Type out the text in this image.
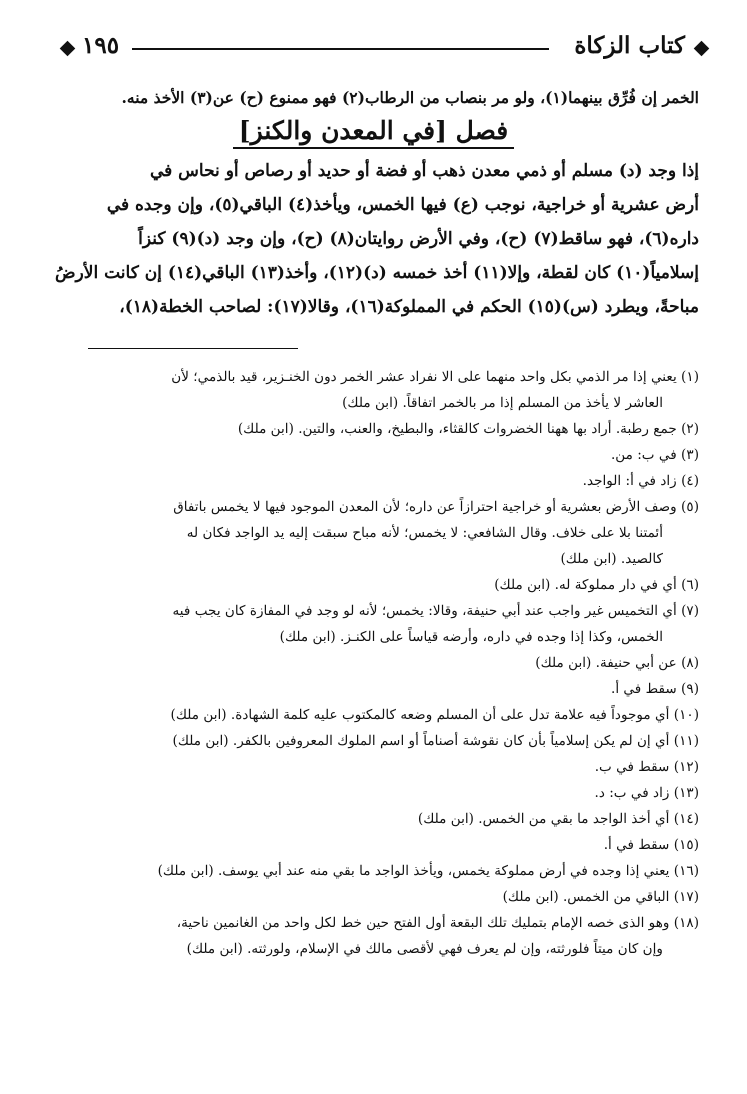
كتاب الزكاة
١٩٥
الخمر إن فُرِّق بينهما(١)، ولو مر بنصاب من الرطاب(٢) فهو ممنوع (ح) عن(٣) الأخذ منه.
فصل [في المعدن والكنز]

إذا وجد (د) مسلم أو ذمي معدن ذهب أو فضة أو حديد أو رصاص أو نحاس في

أرض عشرية أو خراجية، نوجب (ع) فيها الخمس، ويأخذ(٤) الباقي(٥)، وإن وجده في

داره(٦)، فهو ساقط(٧) (ح)، وفي الأرض روايتان(٨) (ح)، وإن وجد (د)(٩) كنزاً

إسلامياً(١٠) كان لقطة، وإلا(١١) أخذ خمسه (د)(١٢)، وأخذ(١٣) الباقي(١٤) إن كانت الأرضُ

مباحةً، ويطرد (س)(١٥) الحكم في المملوكة(١٦)، وقالا(١٧): لصاحب الخطة(١٨)،

(١) يعني إذا مر الذمي بكل واحد منهما على الا نفراد عشر الخمر دون الخنـزير، قيد بالذمي؛ لأن
العاشر لا يأخذ من المسلم إذا مر بالخمر اتفاقاً. (ابن ملك)
(٢) جمع رطبة. أراد بها ههنا الخضروات كالقثاء، والبطيخ، والعنب، والتين. (ابن ملك)
(٣) في ب: من.
(٤) زاد في أ: الواجد.
(٥) وصف الأرض بعشرية أو خراجية احترازاً عن داره؛ لأن المعدن الموجود فيها لا يخمس باتفاق
أئمتنا بلا على خلاف. وقال الشافعي: لا يخمس؛ لأنه مباح سبقت إليه يد الواجد فكان له
كالصيد. (ابن ملك)
(٦) أي في دار مملوكة له. (ابن ملك)
(٧) أي التخميس غير واجب عند أبي حنيفة، وقالا: يخمس؛ لأنه لو وجد في المفازة كان يجب فيه
الخمس، وكذا إذا وجده في داره، وأرضه قياساً على الكنـز. (ابن ملك)
(٨) عن أبي حنيفة. (ابن ملك)
(٩) سقط في أ.
(١٠) أي موجوداً فيه علامة تدل على أن المسلم وضعه كالمكتوب عليه كلمة الشهادة. (ابن ملك)
(١١) أي إن لم يكن إسلامياً بأن كان نقوشة أصناماً أو اسم الملوك المعروفين بالكفر. (ابن ملك)
(١٢) سقط في ب.
(١٣) زاد في ب: د.
(١٤) أي أخذ الواجد ما بقي من الخمس. (ابن ملك)
(١٥) سقط في أ.
(١٦) يعني إذا وجده في أرض مملوكة يخمس، ويأخذ الواجد ما بقي منه عند أبي يوسف. (ابن ملك)
(١٧) الباقي من الخمس. (ابن ملك)
(١٨) وهو الذى خصه الإمام بتمليك تلك البقعة أول الفتح حين خط لكل واحد من الغانمين ناحية،
وإن كان ميتاً فلورثته، وإن لم يعرف فهي لأقصى مالك في الإسلام، ولورثته. (ابن ملك)
